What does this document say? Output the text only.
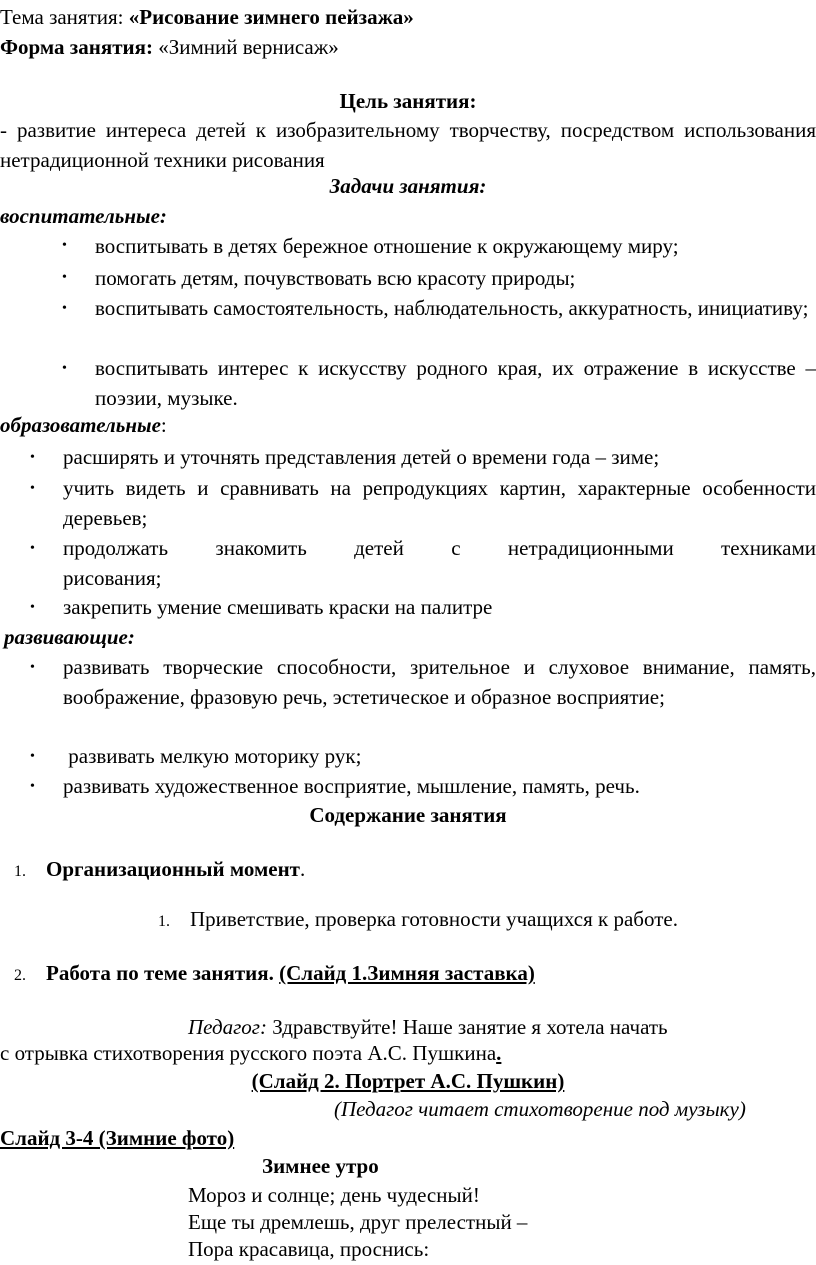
Тема занятия: «Рисование зимнего пейзажа»
Форма занятия: «Зимний вернисаж»
Цель занятия:
- развитие интереса детей к изобразительному творчеству, посредством использования нетрадиционной техники рисования
Задачи занятия:
воспитательные:
• воспитывать в детях бережное отношение к окружающему миру;
• помогать детям, почувствовать всю красоту природы;
• воспитывать самостоятельность, наблюдательность, аккуратность, инициативу;
• воспитывать интерес к искусству родного края, их отражение в искусстве – поэзии, музыке.
образовательные:
• расширять и уточнять представления детей о времени года – зиме;
• учить видеть и сравнивать на репродукциях картин, характерные особенности деревьев;
• продолжать знакомить детей с нетрадиционными техниками рисования;
• закрепить умение смешивать краски на палитре
развивающие:
• развивать творческие способности, зрительное и слуховое внимание, память, воображение, фразовую речь, эстетическое и образное восприятие;
• развивать мелкую моторику рук;
• развивать художественное восприятие, мышление, память, речь.
Содержание занятия
1. Организационный момент.
1. Приветствие, проверка готовности учащихся к работе.
2. Работа по теме занятия. (Слайд 1.Зимняя заставка)
Педагог: Здравствуйте! Наше занятие я хотела начать
с отрывка стихотворения русского поэта А.С. Пушкина.
(Слайд 2. Портрет А.С. Пушкин)
(Педагог читает стихотворение под музыку)
Слайд 3-4 (Зимние фото)
Зимнее утро
Мороз и солнце; день чудесный!
Еще ты дремлешь, друг прелестный –
Пора красавица, проснись:
